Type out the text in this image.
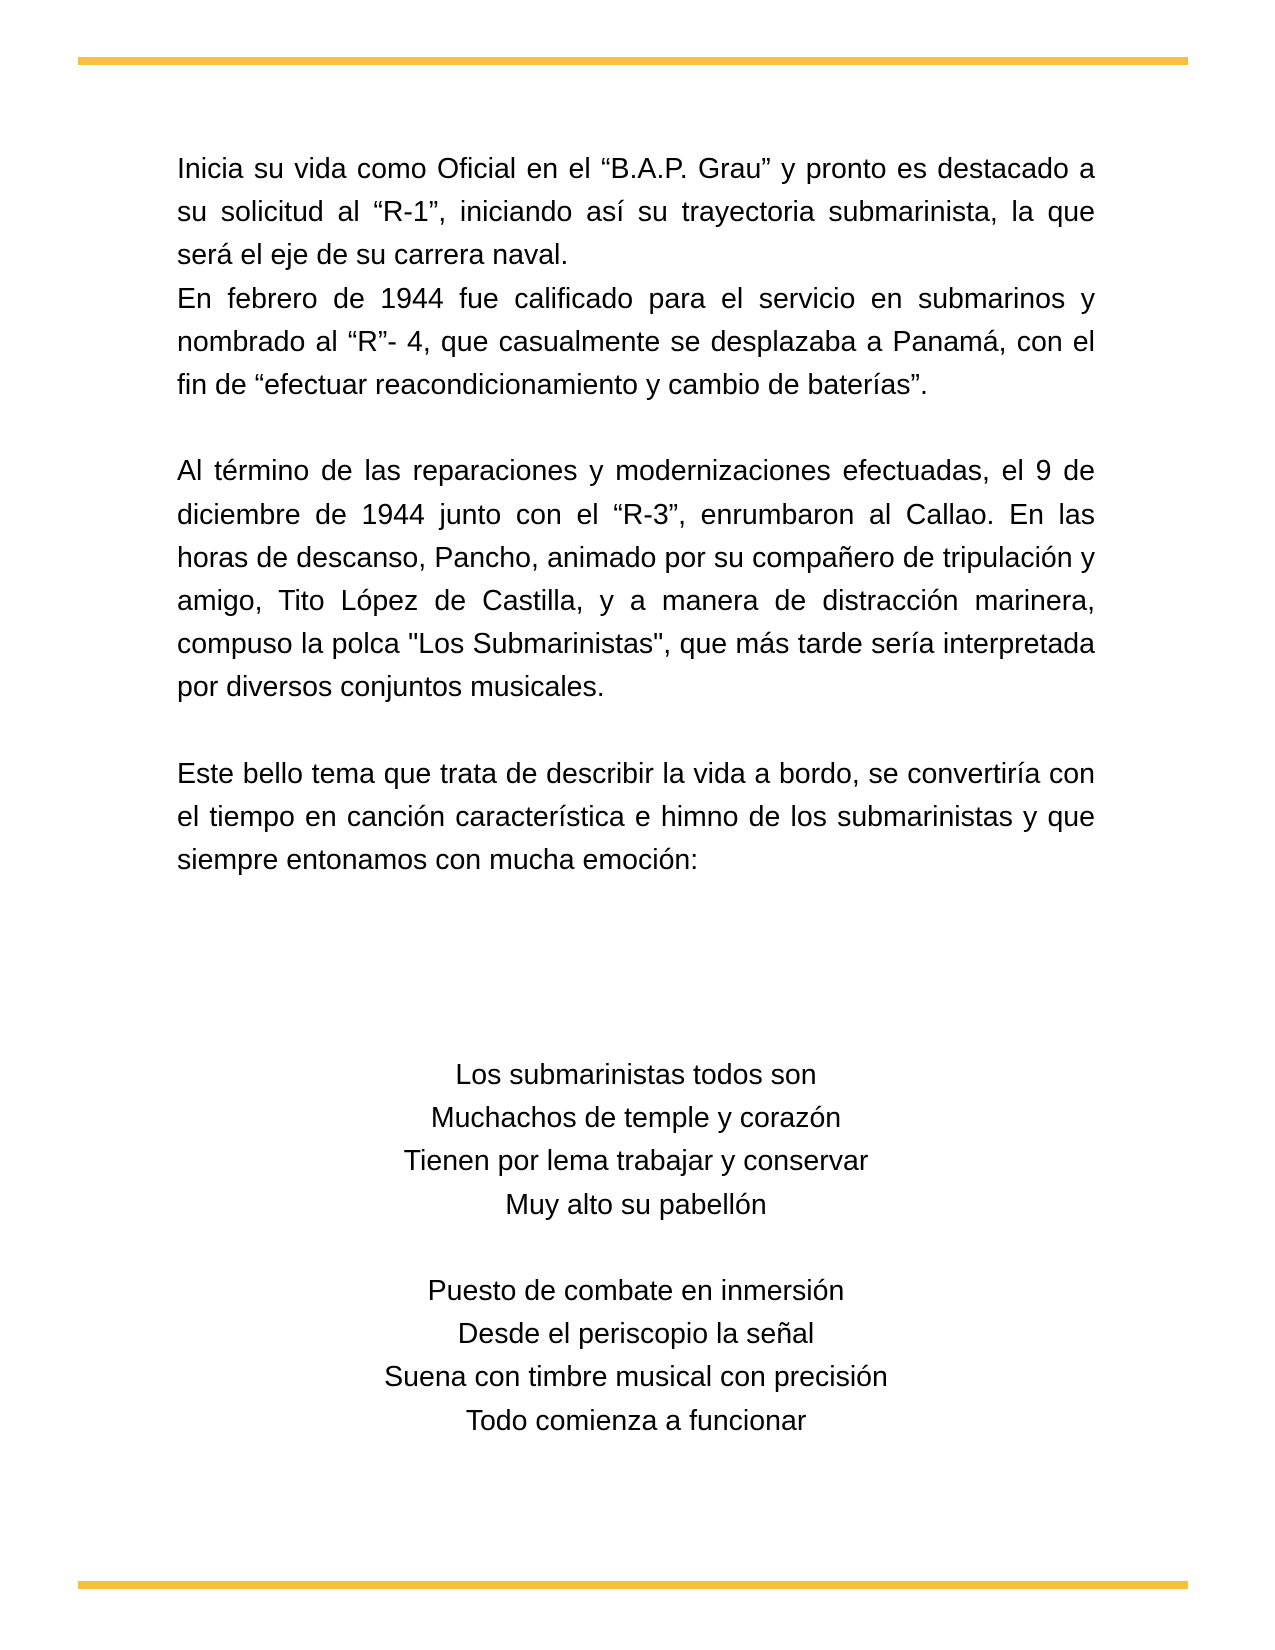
Inicia su vida como Oficial en el “B.A.P. Grau” y pronto es destacado a su solicitud al “R-1”, iniciando así su trayectoria submarinista, la que será el eje de su carrera naval.

En febrero de 1944 fue calificado para el servicio en submarinos y nombrado al “R”- 4, que casualmente se desplazaba a Panamá, con el fin de “efectuar reacondicionamiento y cambio de baterías”.

Al término de las reparaciones y modernizaciones efectuadas, el 9 de diciembre de 1944 junto con el “R-3”, enrumbaron al Callao. En las horas de descanso, Pancho, animado por su compañero de tripulación y amigo, Tito López de Castilla, y a manera de distracción marinera, compuso la polca "Los Submarinistas", que más tarde sería interpretada por diversos conjuntos musicales.

Este bello tema que trata de describir la vida a bordo, se convertiría con el tiempo en canción característica e himno de los submarinistas y que siempre entonamos con mucha emoción:

Los submarinistas todos son
Muchachos de temple y corazón
Tienen por lema trabajar y conservar
Muy alto su pabellón
Puesto de combate en inmersión
Desde el periscopio la señal
Suena con timbre musical con precisión
Todo comienza a funcionar
